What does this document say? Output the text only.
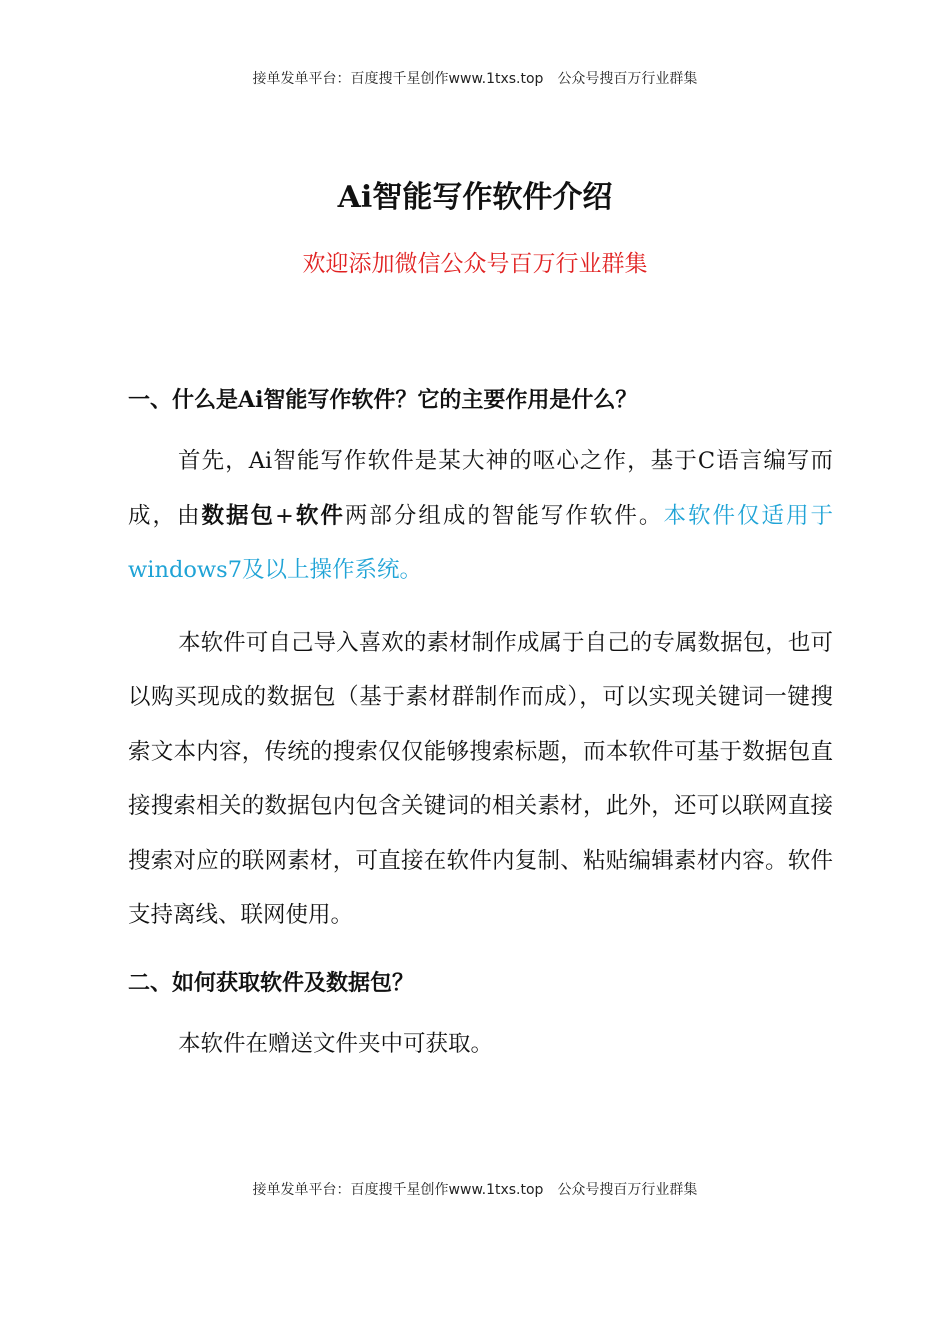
接单发单平台：百度搜千星创作www.1txs.top 公众号搜百万行业群集
Ai智能写作软件介绍

欢迎添加微信公众号百万行业群集

一、什么是Ai智能写作软件？它的主要作用是什么？

首先，Ai智能写作软件是某大神的呕心之作，基于C语言编写而成，由数据包+软件两部分组成的智能写作软件。本软件仅适用于windows7及以上操作系统。

本软件可自己导入喜欢的素材制作成属于自己的专属数据包，也可以购买现成的数据包（基于素材群制作而成），可以实现关键词一键搜索文本内容，传统的搜索仅仅能够搜索标题，而本软件可基于数据包直接搜索相关的数据包内包含关键词的相关素材，此外，还可以联网直接搜索对应的联网素材，可直接在软件内复制、粘贴编辑素材内容。软件支持离线、联网使用。

二、如何获取软件及数据包？

本软件在赠送文件夹中可获取。

接单发单平台：百度搜千星创作www.1txs.top 公众号搜百万行业群集
